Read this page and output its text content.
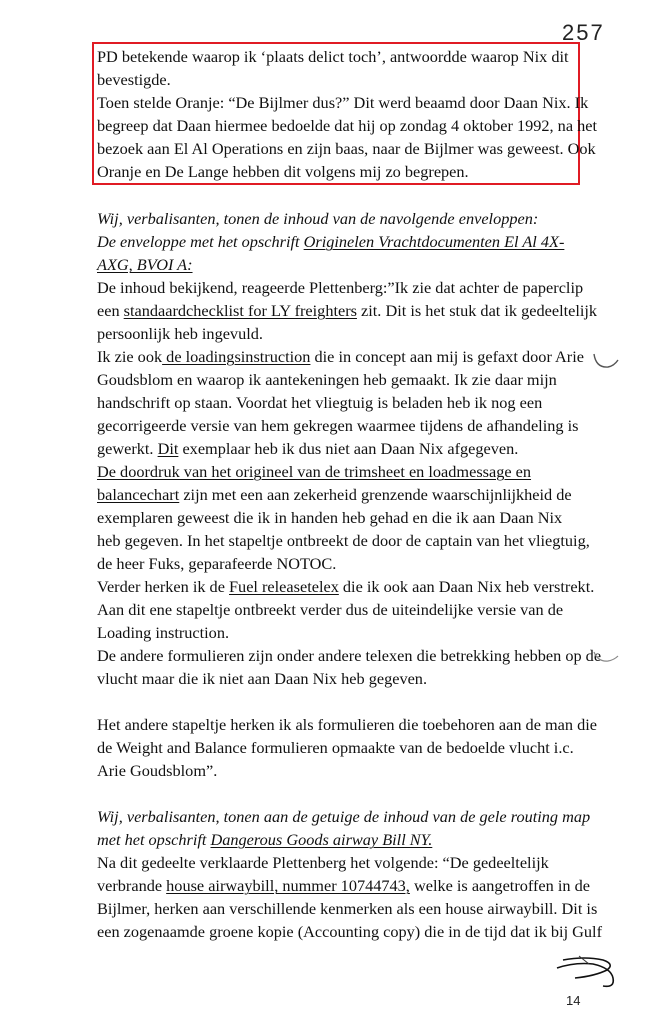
257
PD betekende waarop ik ‘plaats delict toch’, antwoordde waarop Nix dit
bevestigde.
Toen stelde Oranje: “De Bijlmer dus?” Dit werd beaamd door Daan Nix. Ik
begreep dat Daan hiermee bedoelde dat hij op zondag 4 oktober 1992, na het
bezoek aan El Al Operations en zijn baas, naar de Bijlmer was geweest. Ook
Oranje en De Lange hebben dit volgens mij zo begrepen.
Wij, verbalisanten, tonen de inhoud van de navolgende enveloppen:
De enveloppe met het opschrift Originelen Vrachtdocumenten El Al 4X-
AXG, BVOI A:
De inhoud bekijkend, reageerde Plettenberg:”Ik zie dat achter de paperclip
een standaardchecklist for LY freighters zit. Dit is het stuk dat ik gedeeltelijk
persoonlijk heb ingevuld.
Ik zie ook de loadingsinstruction die in concept aan mij is gefaxt door Arie
Goudsblom en waarop ik aantekeningen heb gemaakt. Ik zie daar mijn
handschrift op staan. Voordat het vliegtuig is beladen heb ik nog een
gecorrigeerde versie van hem gekregen waarmee tijdens de afhandeling is
gewerkt. Dit exemplaar heb ik dus niet aan Daan Nix afgegeven.
De doordruk van het origineel van de trimsheet en loadmessage en
balancechart zijn met een aan zekerheid grenzende waarschijnlijkheid de
exemplaren geweest die ik in handen heb gehad en die ik aan Daan Nix
heb gegeven. In het stapeltje ontbreekt de door de captain van het vliegtuig,
de heer Fuks, geparafeerde NOTOC.
Verder herken ik de Fuel releasetelex die ik ook aan Daan Nix heb verstrekt.
Aan dit ene stapeltje ontbreekt verder dus de uiteindelijke versie van de
Loading instruction.
De andere formulieren zijn onder andere telexen die betrekking hebben op de
vlucht maar die ik niet aan Daan Nix heb gegeven.
Het andere stapeltje herken ik als formulieren die toebehoren aan de man die
de Weight and Balance formulieren opmaakte van de bedoelde vlucht i.c.
Arie Goudsblom”.
Wij, verbalisanten, tonen aan de getuige de inhoud van de gele routing map
met het opschrift Dangerous Goods airway Bill NY.
Na dit gedeelte verklaarde Plettenberg het volgende: “De gedeeltelijk
verbrande house airwaybill, nummer 10744743, welke is aangetroffen in de
Bijlmer, herken aan verschillende kenmerken als een house airwaybill. Dit is
een zogenaamde groene kopie (Accounting copy) die in de tijd dat ik bij Gulf
14
